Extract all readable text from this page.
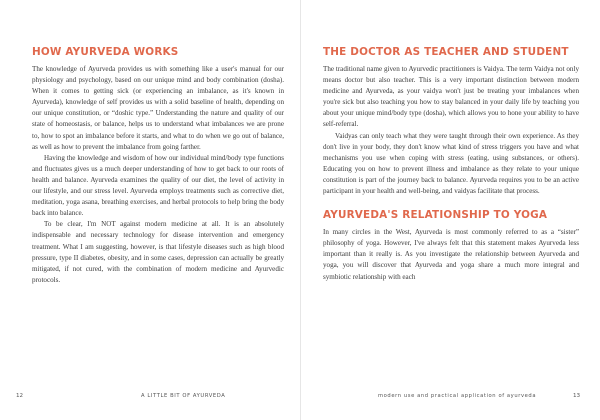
HOW AYURVEDA WORKS

The knowledge of Ayurveda provides us with something like a user's manual for our physiology and psychology, based on our unique mind and body combination (dosha). When it comes to getting sick (or experiencing an imbalance, as it's known in Ayurveda), knowledge of self provides us with a solid baseline of health, depending on our unique constitution, or “doshic type.” Understanding the nature and quality of our state of homeostasis, or balance, helps us to understand what imbalances we are prone to, how to spot an imbalance before it starts, and what to do when we go out of balance, as well as how to prevent the imbalance from going farther.

Having the knowledge and wisdom of how our individual mind/body type functions and fluctuates gives us a much deeper understanding of how to get back to our roots of health and balance. Ayurveda examines the quality of our diet, the level of activity in our lifestyle, and our stress level. Ayurveda employs treatments such as corrective diet, meditation, yoga asana, breathing exercises, and herbal protocols to help bring the body back into balance.

To be clear, I'm NOT against modern medicine at all. It is an absolutely indispensable and necessary technology for disease intervention and emergency treatment. What I am suggesting, however, is that lifestyle diseases such as high blood pressure, type II diabetes, obesity, and in some cases, depression can actually be greatly mitigated, if not cured, with the combination of modern medicine and Ayurvedic protocols.

12	A LITTLE BIT OF AYURVEDA
THE DOCTOR AS TEACHER AND STUDENT

The traditional name given to Ayurvedic practitioners is Vaidya. The term Vaidya not only means doctor but also teacher. This is a very important distinction between modern medicine and Ayurveda, as your vaidya won't just be treating your imbalances when you're sick but also teaching you how to stay balanced in your daily life by teaching you about your unique mind/body type (dosha), which allows you to hone your ability to have self-referral.

Vaidyas can only teach what they were taught through their own experience. As they don't live in your body, they don't know what kind of stress triggers you have and what mechanisms you use when coping with stress (eating, using substances, or others). Educating you on how to prevent illness and imbalance as they relate to your unique constitution is part of the journey back to balance. Ayurveda requires you to be an active participant in your health and well-being, and vaidyas facilitate that process.

AYURVEDA'S RELATIONSHIP TO YOGA

In many circles in the West, Ayurveda is most commonly referred to as a “sister” philosophy of yoga. However, I've always felt that this statement makes Ayurveda less important than it really is. As you investigate the relationship between Ayurveda and yoga, you will discover that Ayurveda and yoga share a much more integral and symbiotic relationship with each

modern use and practical application of ayurveda	13
